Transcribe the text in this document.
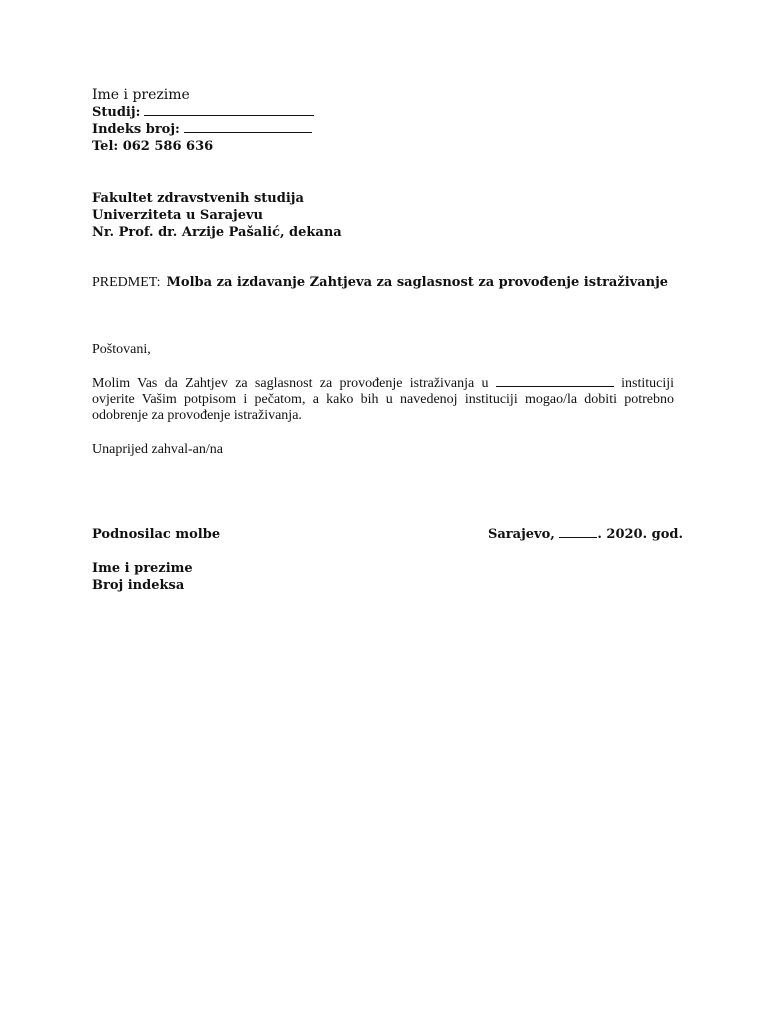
Ime i prezime
Studij:
Indeks broj:
Tel: 062 586 636
Fakultet zdravstvenih studija
Univerziteta u Sarajevu
Nr. Prof. dr. Arzije Pašalić, dekana
PREDMET: Molba za izdavanje Zahtjeva za saglasnost za provođenje istraživanje
Poštovani,
Molim Vas da Zahtjev za saglasnost za provođenje istraživanja u	instituciji ovjerite Vašim potpisom i pečatom, a kako bih u navedenoj instituciji mogao/la dobiti potrebno odobrenje za provođenje istraživanja.
Unaprijed zahval-an/na
Podnosilac molbe	Sarajevo,	. 2020. god.
Ime i prezime
Broj indeksa
